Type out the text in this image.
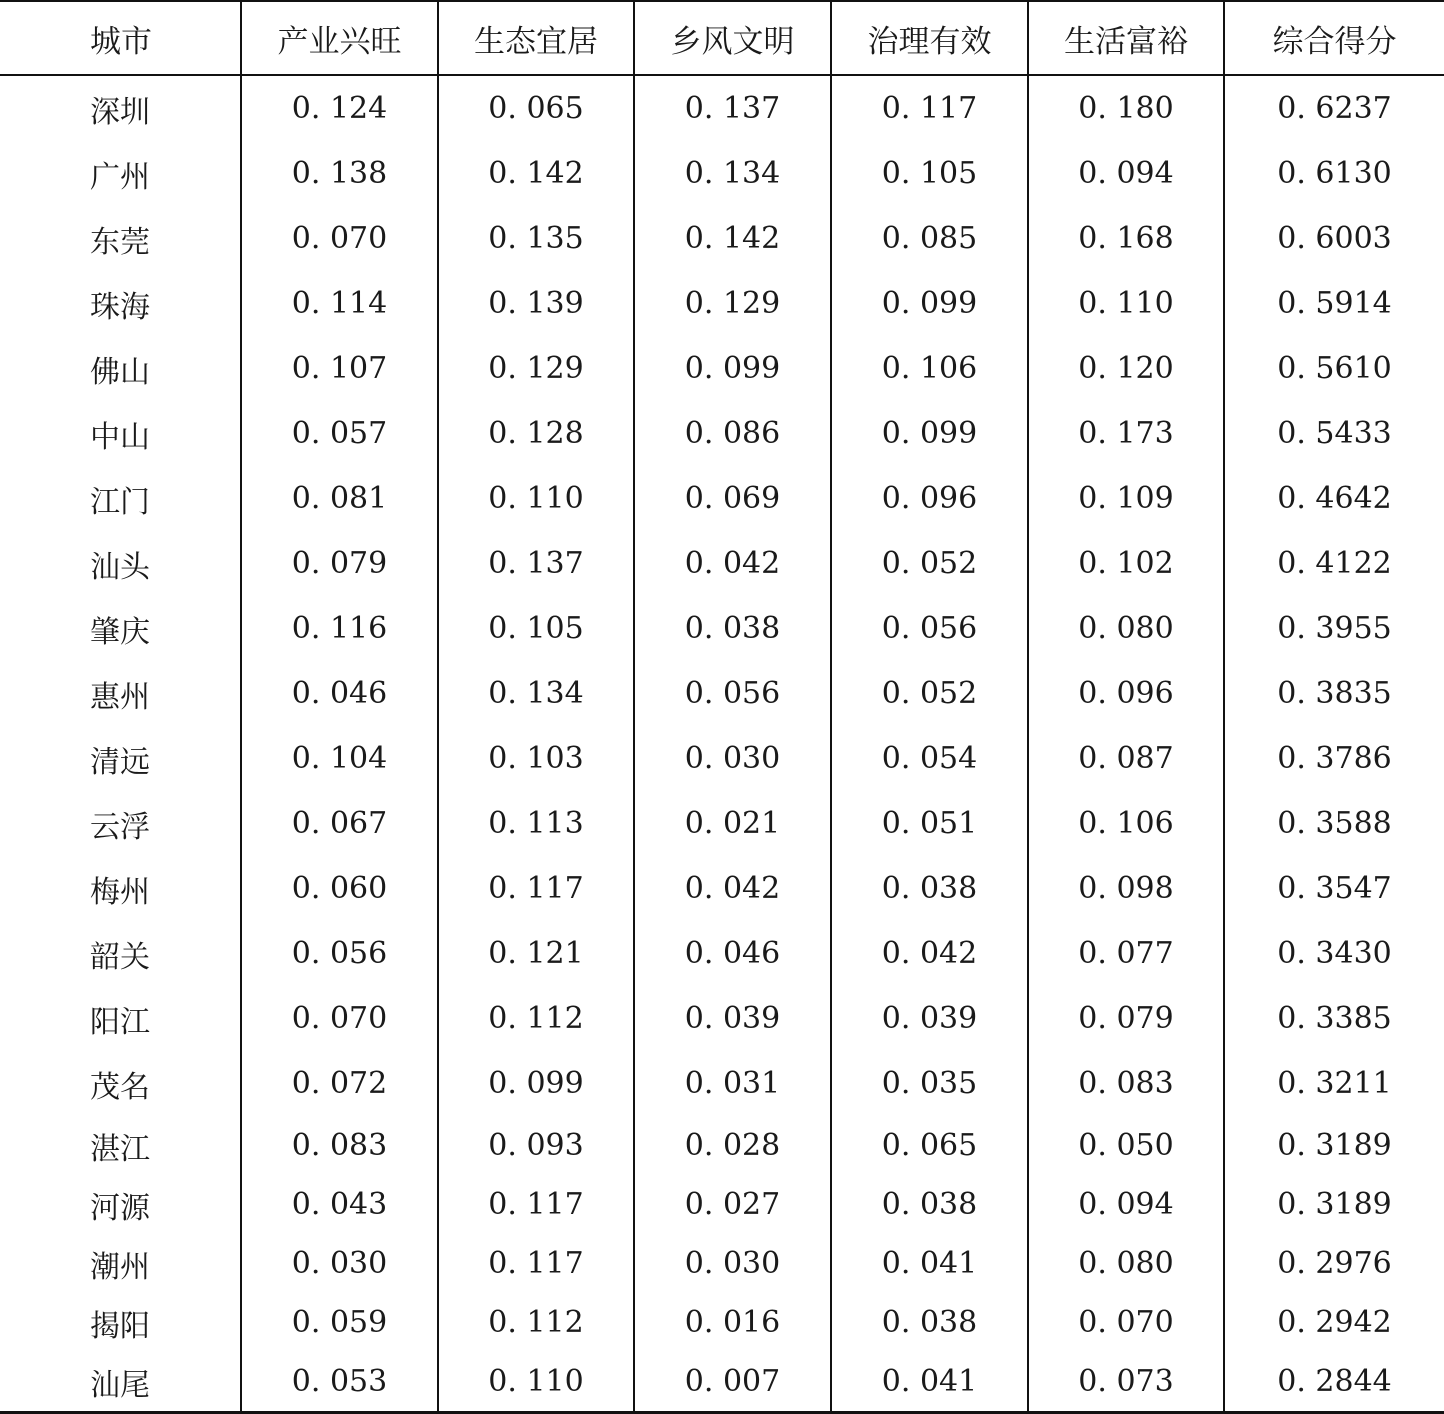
城市	产业兴旺	生态宜居	乡风文明	治理有效	生活富裕	综合得分
深圳	0. 124	0. 065	0. 137	0. 117	0. 180	0. 6237
广州	0. 138	0. 142	0. 134	0. 105	0. 094	0. 6130
东莞	0. 070	0. 135	0. 142	0. 085	0. 168	0. 6003
珠海	0. 114	0. 139	0. 129	0. 099	0. 110	0. 5914
佛山	0. 107	0. 129	0. 099	0. 106	0. 120	0. 5610
中山	0. 057	0. 128	0. 086	0. 099	0. 173	0. 5433
江门	0. 081	0. 110	0. 069	0. 096	0. 109	0. 4642
汕头	0. 079	0. 137	0. 042	0. 052	0. 102	0. 4122
肇庆	0. 116	0. 105	0. 038	0. 056	0. 080	0. 3955
惠州	0. 046	0. 134	0. 056	0. 052	0. 096	0. 3835
清远	0. 104	0. 103	0. 030	0. 054	0. 087	0. 3786
云浮	0. 067	0. 113	0. 021	0. 051	0. 106	0. 3588
梅州	0. 060	0. 117	0. 042	0. 038	0. 098	0. 3547
韶关	0. 056	0. 121	0. 046	0. 042	0. 077	0. 3430
阳江	0. 070	0. 112	0. 039	0. 039	0. 079	0. 3385
茂名	0. 072	0. 099	0. 031	0. 035	0. 083	0. 3211
湛江	0. 083	0. 093	0. 028	0. 065	0. 050	0. 3189
河源	0. 043	0. 117	0. 027	0. 038	0. 094	0. 3189
潮州	0. 030	0. 117	0. 030	0. 041	0. 080	0. 2976
揭阳	0. 059	0. 112	0. 016	0. 038	0. 070	0. 2942
汕尾	0. 053	0. 110	0. 007	0. 041	0. 073	0. 2844
